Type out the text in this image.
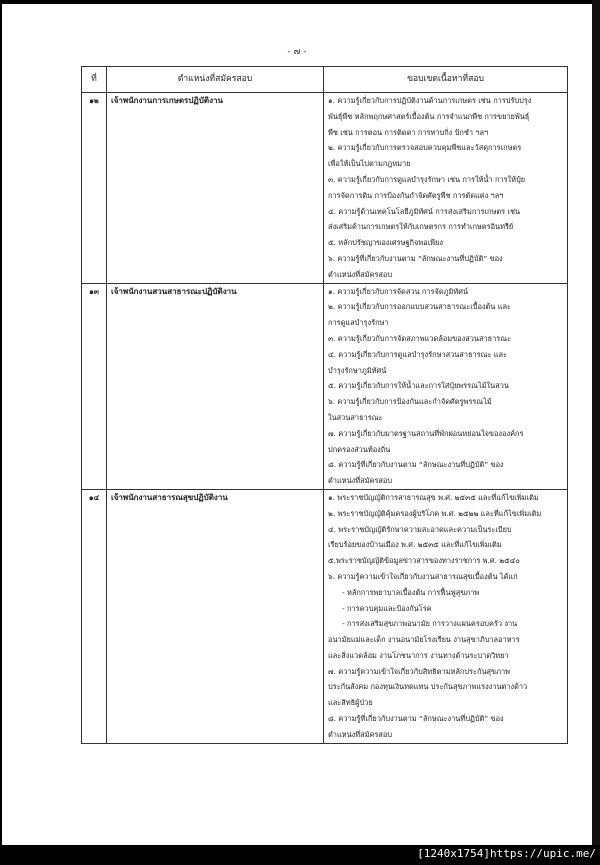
- ๗ -
ที่	ตำแหน่งที่สมัครสอบ	ขอบเขตเนื้อหาที่สอบ
๑๒	เจ้าพนักงานการเกษตรปฏิบัติงาน	๑. ความรู้เกี่ยวกับการปฏิบัติงานด้านการเกษตร เช่น การปรับปรุง
พันธุ์พืช หลักพฤกษศาสตร์เบื้องต้น การจำแนกพืช การขยายพันธุ์
พืช เช่น การตอน การติดตา การทาบกิ่ง ปักชำ ฯลฯ
๒. ความรู้เกี่ยวกับการตรวจสอบควบคุมพืชและวัสดุการเกษตร
เพื่อให้เป็นไปตามกฎหมาย
๓. ความรู้เกี่ยวกับการดูแลบำรุงรักษา เช่น การให้น้ำ การให้ปุ๋ย
การจัดการดิน การป้องกันกำจัดศัตรูพืช การตัดแต่ง ฯลฯ
๔. ความรู้ด้านเทคโนโลยีภูมิทัศน์ การส่งเสริมการเกษตร เช่น
ส่งเสริมด้านการเกษตรให้กับเกษตรกร การทำเกษตรอินทรีย์
๕. หลักปรัชญาของเศรษฐกิจพอเพียง
๖. ความรู้ที่เกี่ยวกับงานตาม “ลักษณะงานที่ปฏิบัติ” ของ
ตำแหน่งที่สมัครสอบ

๑๓	เจ้าพนักงานสวนสาธารณะปฏิบัติงาน	๑. ความรู้เกี่ยวกับการจัดสวน การจัดภูมิทัศน์
๒. ความรู้เกี่ยวกับการออกแบบสวนสาธารณะเบื้องต้น และ
การดูแลบำรุงรักษา
๓. ความรู้เกี่ยวกับการจัดสภาพแวดล้อมของสวนสาธารณะ
๔. ความรู้เกี่ยวกับการดูแลบำรุงรักษาสวนสาธารณะ และ
บำรุงรักษาภูมิทัศน์
๕. ความรู้เกี่ยวกับการให้น้ำและการใส่ปุ๋ยพรรณไม้ในสวน
๖. ความรู้เกี่ยวกับการป้องกันและกำจัดศัตรูพรรณไม้
ในสวนสาธารณะ
๗. ความรู้เกี่ยวกับมาตรฐานสถานที่พักผ่อนหย่อนใจขององค์กร
ปกครองส่วนท้องถิ่น
๘. ความรู้ที่เกี่ยวกับงานตาม “ลักษณะงานที่ปฏิบัติ” ของ
ตำแหน่งที่สมัครสอบ

๑๔	เจ้าพนักงานสาธารณสุขปฏิบัติงาน	๑. พระราชบัญญัติการสาธารณสุข พ.ศ. ๒๕๓๕ และที่แก้ไขเพิ่มเติม
๒. พระราชบัญญัติคุ้มครองผู้บริโภค พ.ศ. ๒๕๒๒ และที่แก้ไขเพิ่มเติม
๔. พระราชบัญญัติรักษาความสะอาดและความเป็นระเบียบ
เรียบร้อยของบ้านเมือง พ.ศ. ๒๕๓๕ และที่แก้ไขเพิ่มเติม
๕.พระราชบัญญัติข้อมูลข่าวสารของทางราชการ พ.ศ. ๒๕๔๐
๖. ความรู้ความเข้าใจเกี่ยวกับงานสาธารณสุขเบื้องต้น ได้แก่
- หลักการพยาบาลเบื้องต้น การฟื้นฟูสุขภาพ
- การควบคุมและป้องกันโรค
- การส่งเสริมสุขภาพอนามัย การวางแผนครอบครัว งาน
อนามัยแม่และเด็ก งานอนามัยโรงเรียน งานสุขาภิบาลอาหาร
และสิ่งแวดล้อม งานโภชนาการ งานทางด้านระบาดวิทยา
๗. ความรู้ความเข้าใจเกี่ยวกับสิทธิตามหลักประกันสุขภาพ
ประกันสังคม กองทุนเงินทดแทน ประกันสุขภาพแรงงานต่างด้าว
และสิทธิผู้ป่วย
๘. ความรู้ที่เกี่ยวกับงานตาม “ลักษณะงานที่ปฏิบัติ” ของ
ตำแหน่งที่สมัครสอบ
[1240x1754]https://upic.me/
